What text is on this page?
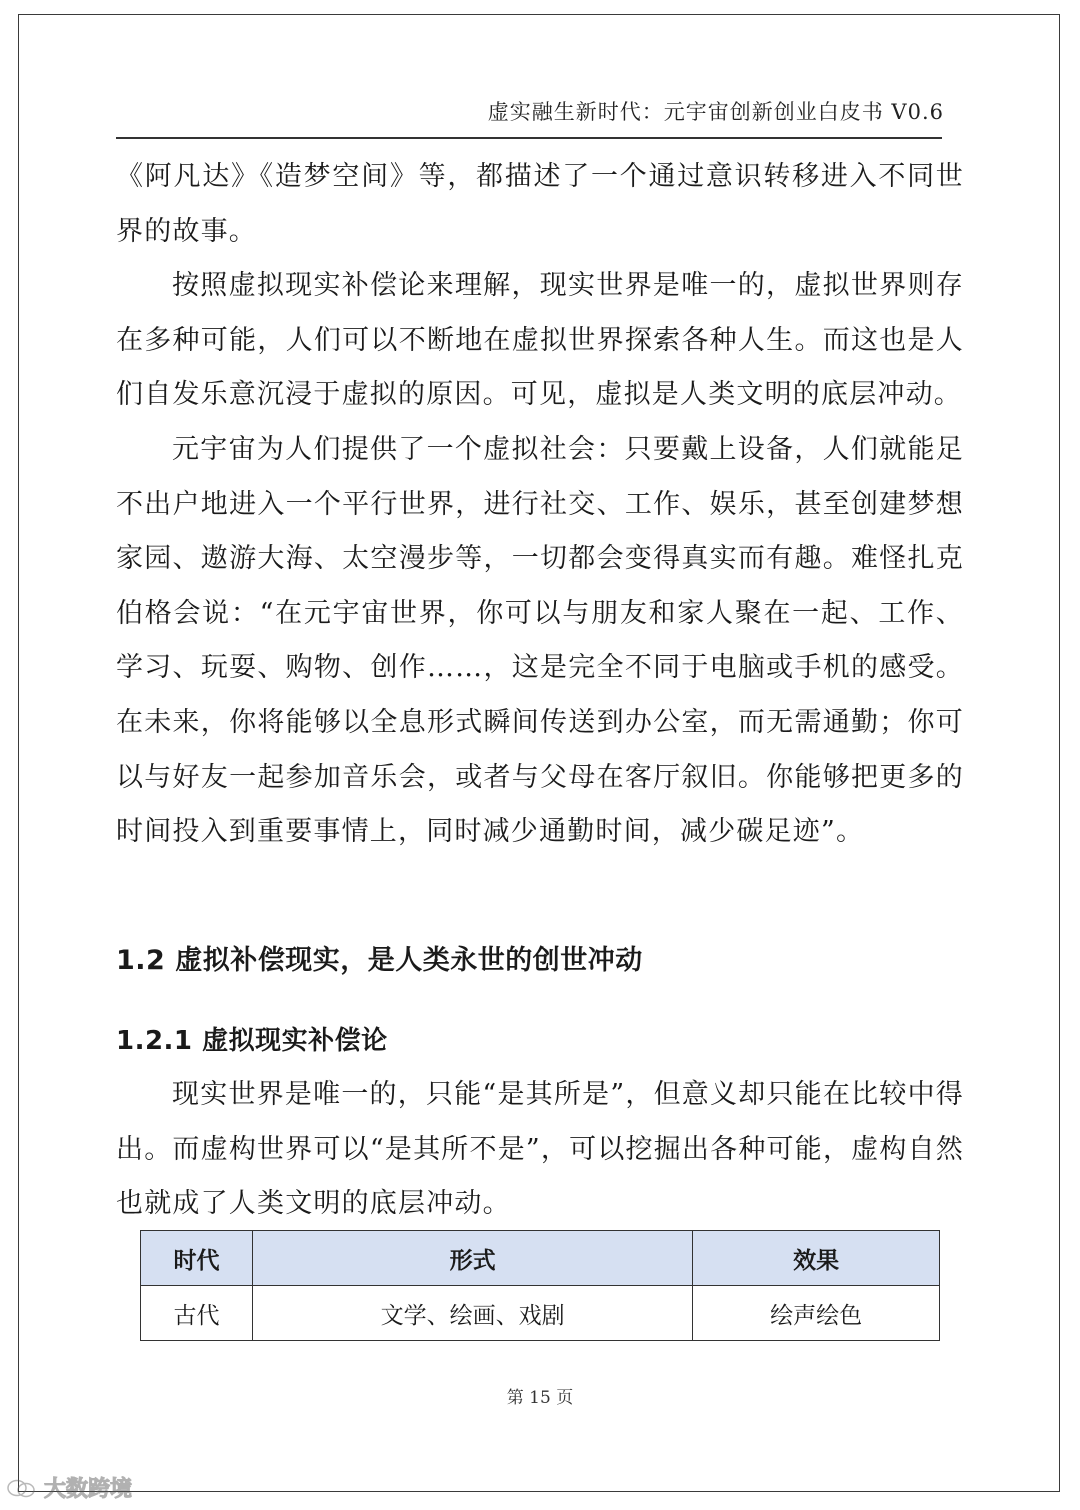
虚实融生新时代：元宇宙创新创业白皮书 V0.6

《阿凡达》《造梦空间》等，都描述了一个通过意识转移进入不同世界的故事。

按照虚拟现实补偿论来理解，现实世界是唯一的，虚拟世界则存在多种可能，人们可以不断地在虚拟世界探索各种人生。而这也是人们自发乐意沉浸于虚拟的原因。可见，虚拟是人类文明的底层冲动。

元宇宙为人们提供了一个虚拟社会：只要戴上设备，人们就能足不出户地进入一个平行世界，进行社交、工作、娱乐，甚至创建梦想家园、遨游大海、太空漫步等，一切都会变得真实而有趣。难怪扎克伯格会说：“在元宇宙世界，你可以与朋友和家人聚在一起、工作、学习、玩耍、购物、创作……，这是完全不同于电脑或手机的感受。在未来，你将能够以全息形式瞬间传送到办公室，而无需通勤；你可以与好友一起参加音乐会，或者与父母在客厅叙旧。你能够把更多的时间投入到重要事情上，同时减少通勤时间，减少碳足迹”。

1.2 虚拟补偿现实，是人类永世的创世冲动
1.2.1 虚拟现实补偿论

现实世界是唯一的，只能“是其所是”，但意义却只能在比较中得出。而虚构世界可以“是其所不是”，可以挖掘出各种可能，虚构自然也就成了人类文明的底层冲动。

时代	形式	效果
古代	文学、绘画、戏剧	绘声绘色
第 15 页
大数跨境
